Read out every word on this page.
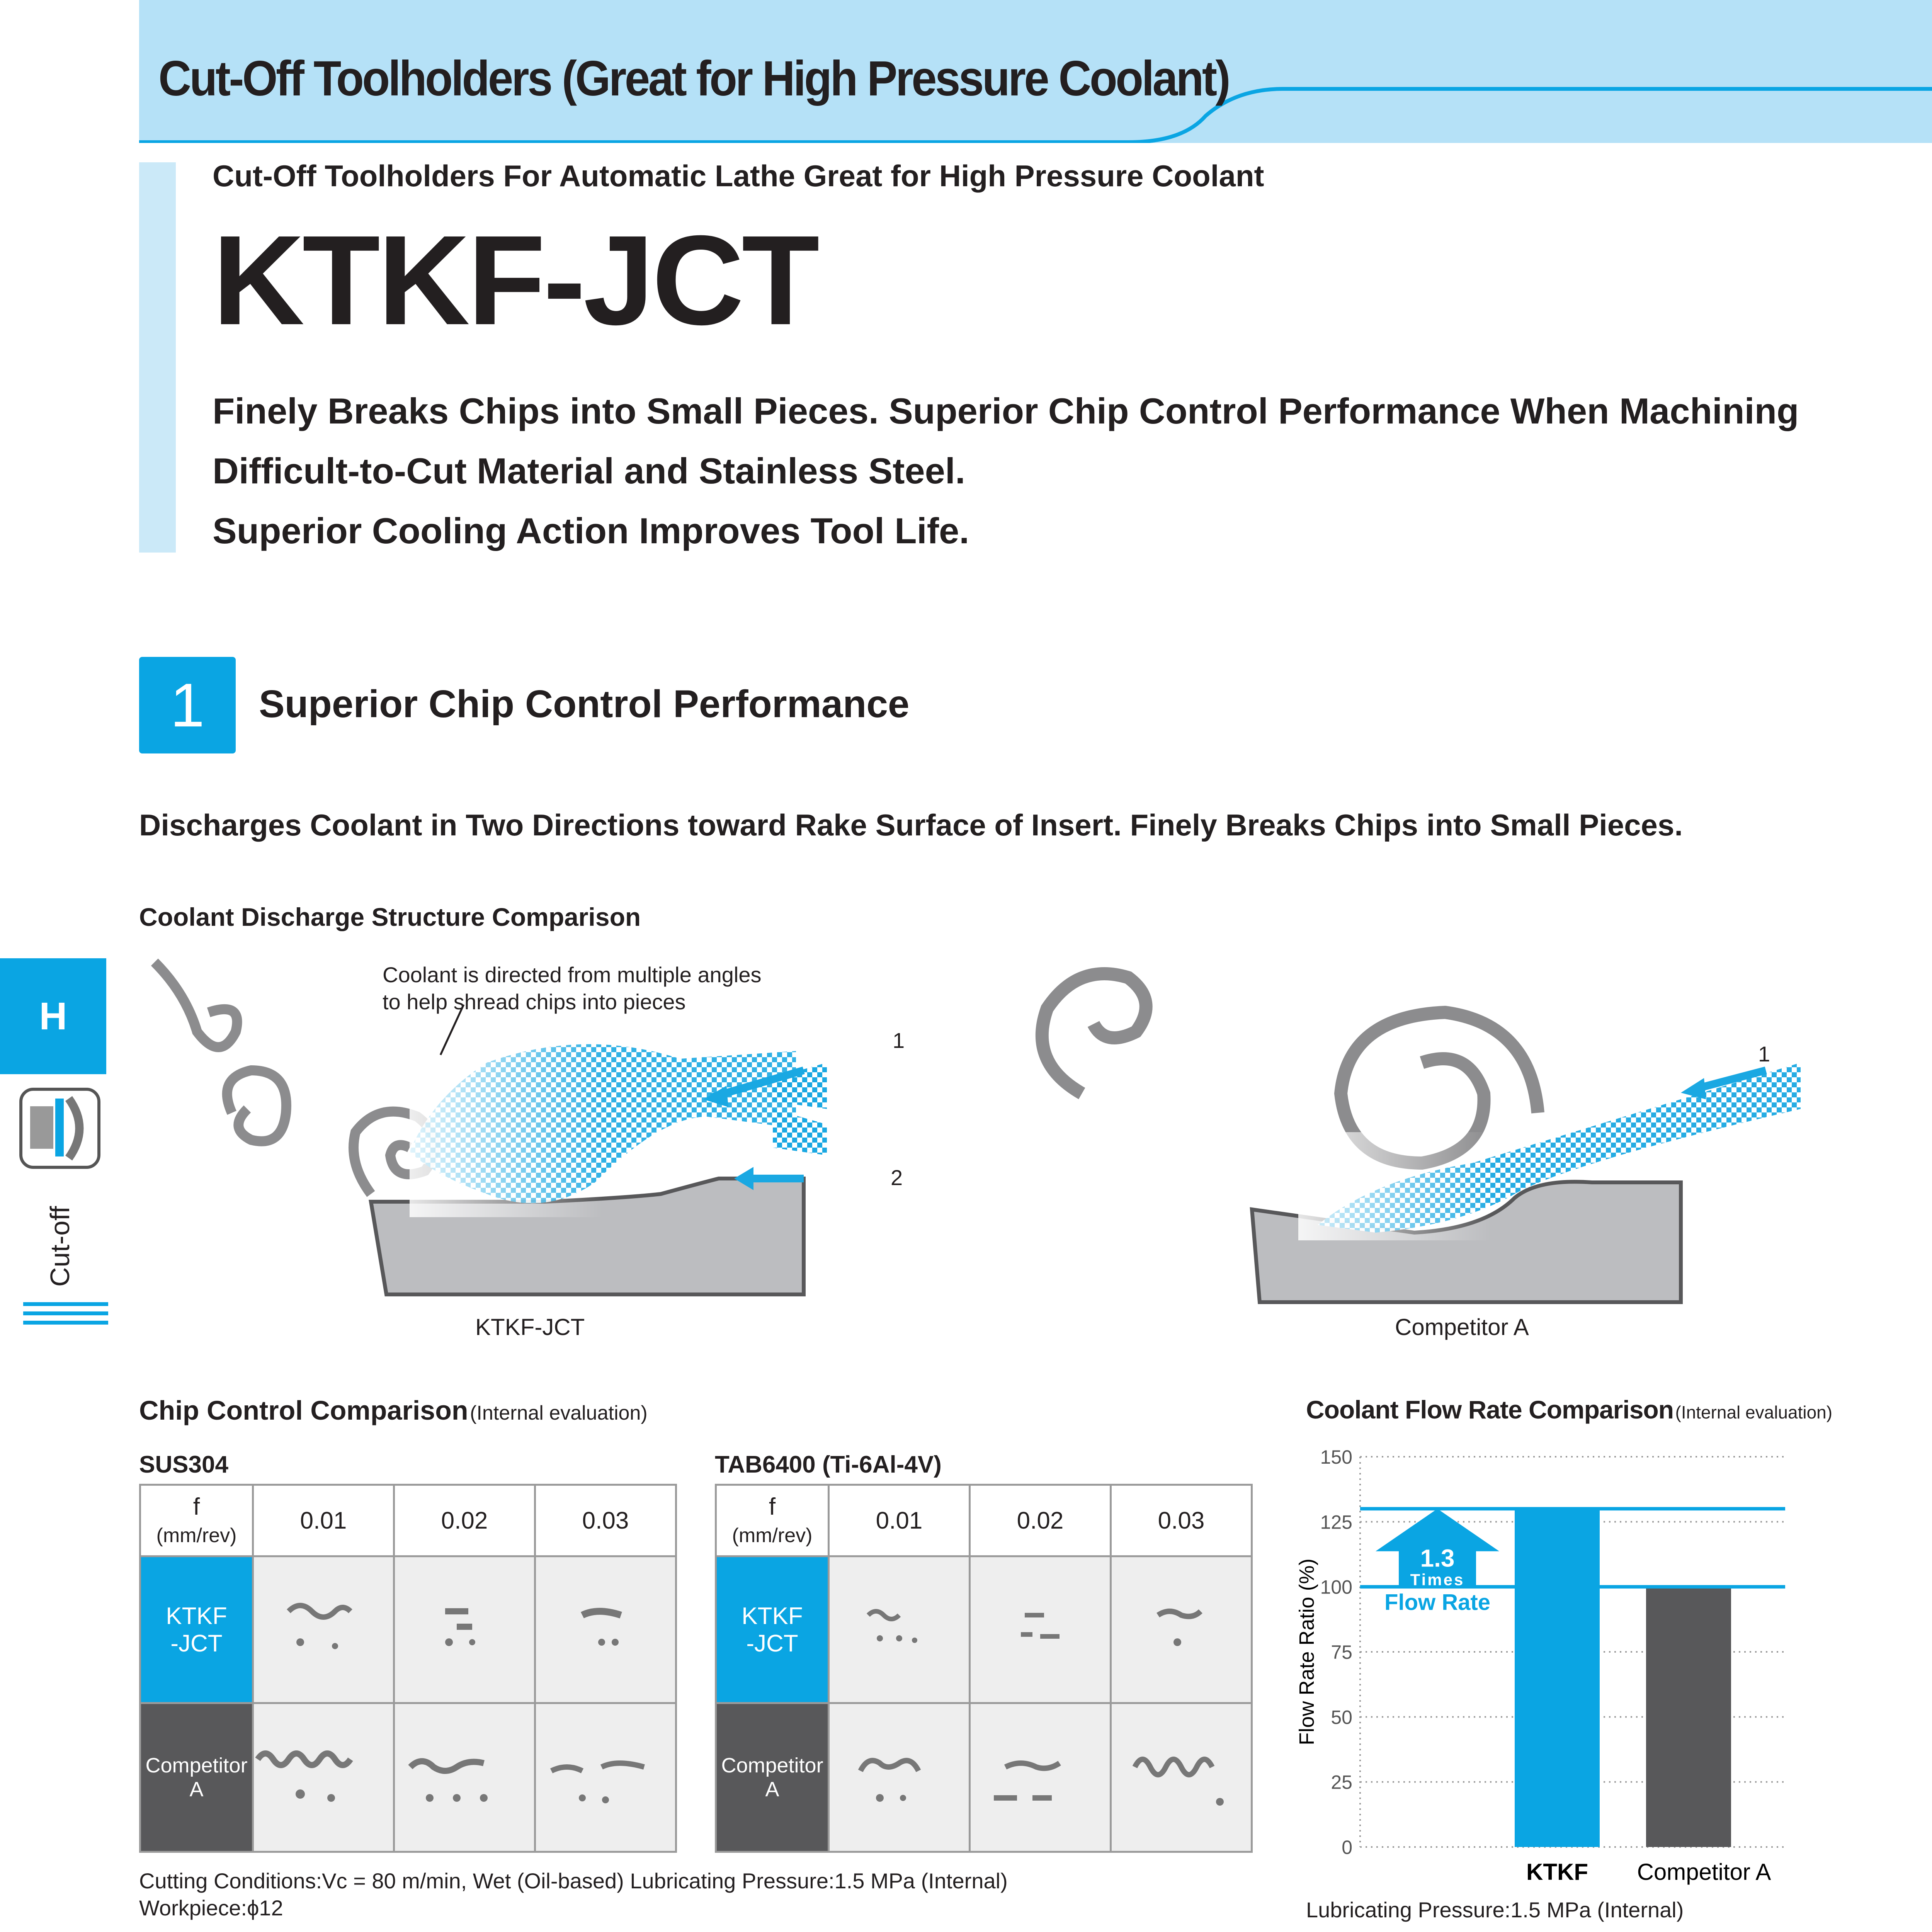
Cut-Off Toolholders (Great for High Pressure Coolant)
Cut-Off Toolholders For Automatic Lathe Great for High Pressure Coolant
KTKF-JCT
Finely Breaks Chips into Small Pieces. Superior Chip Control Performance When Machining
Difficult-to-Cut Material and Stainless Steel.
Superior Cooling Action Improves Tool Life.
H
Cut-off
1	Superior Chip Control Performance
Discharges Coolant in Two Directions toward Rake Surface of Insert. Finely Breaks Chips into Small Pieces.
Coolant Discharge Structure Comparison
Coolant is directed from multiple angles
to help shread chips into pieces
1
2
1
KTKF-JCT	Competitor A
Chip Control Comparison (Internal evaluation)
SUS304	TAB6400 (Ti-6Al-4V)
f
(mm/rev)	0.01	0.02	0.03
KTKF
-JCT			
Competitor A			
f
(mm/rev)	0.01	0.02	0.03
KTKF
-JCT			
Competitor A			
Cutting Conditions:Vc = 80 m/min, Wet (Oil-based) Lubricating Pressure:1.5 MPa (Internal)
Workpiece:ϕ12
Coolant Flow Rate Comparison (Internal evaluation)
0
25
50
75
100
125
150
Flow Rate Ratio (%)
1.3
Times
Flow Rate
KTKF Competitor A
Lubricating Pressure:1.5 MPa (Internal)
